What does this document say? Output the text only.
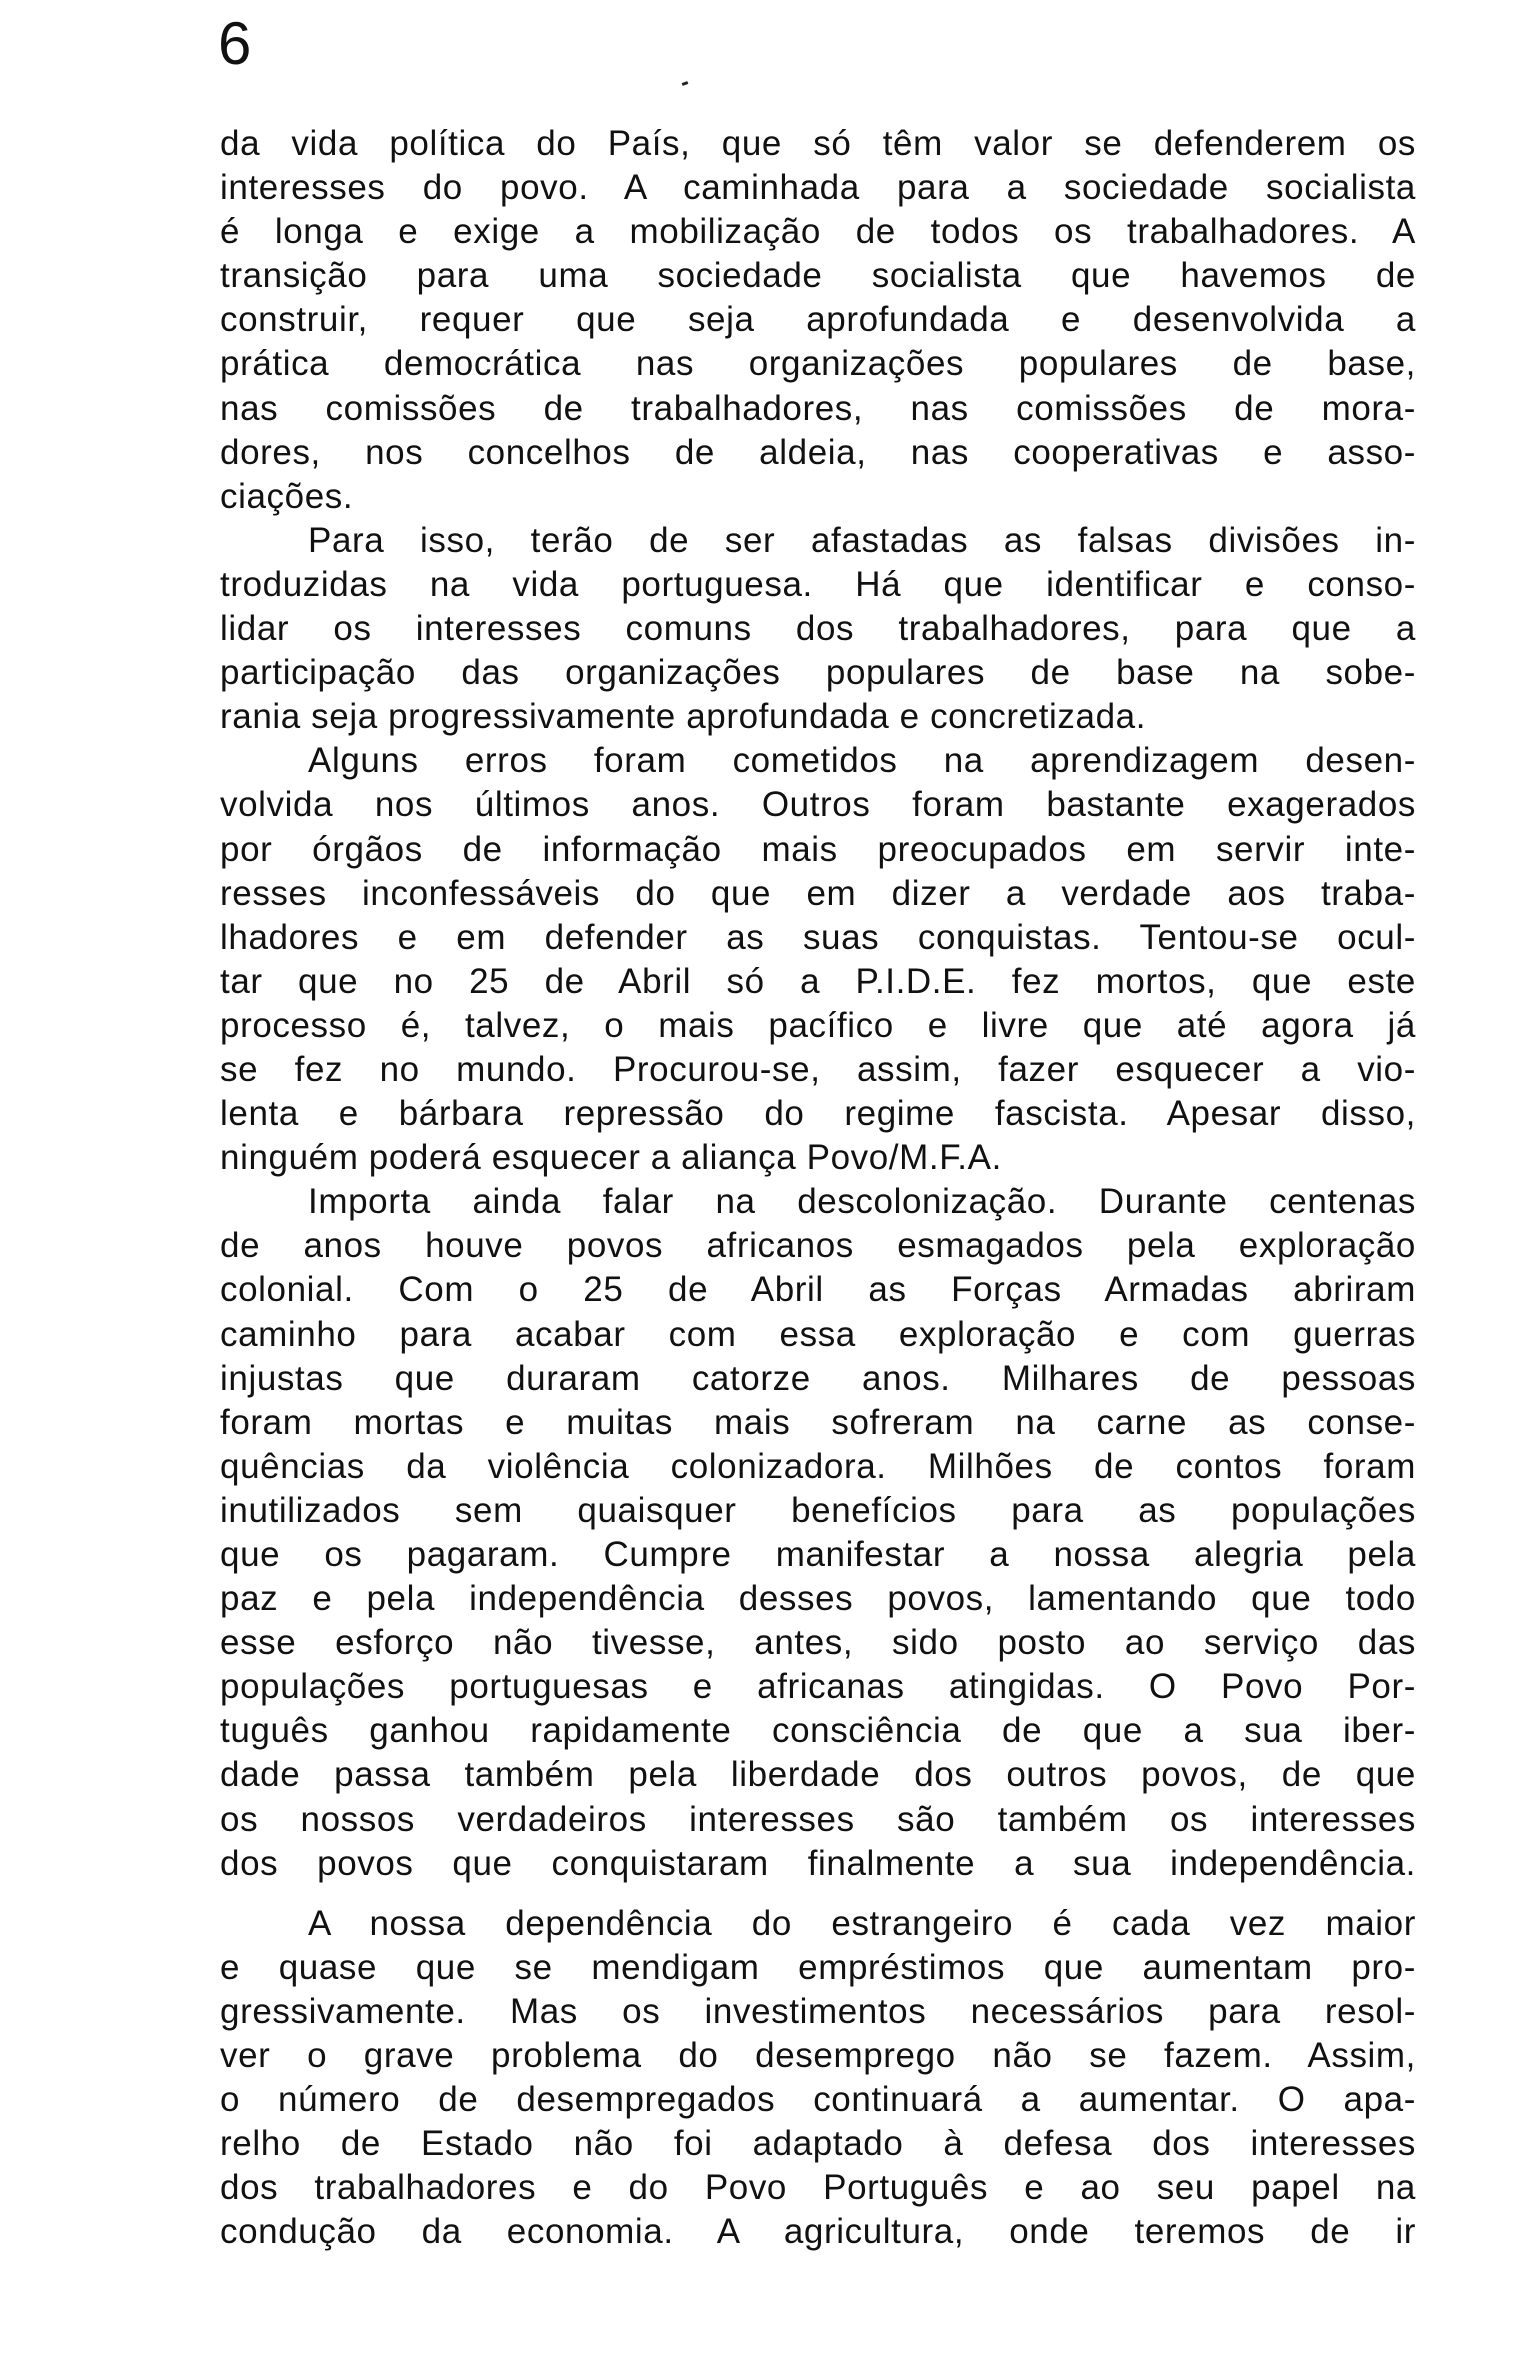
6

da vida política do País, que só têm valor se defenderem os
interesses do povo. A caminhada para a sociedade socialista
é longa e exige a mobilização de todos os trabalhadores. A
transição para uma sociedade socialista que havemos de
construir, requer que seja aprofundada e desenvolvida a
prática democrática nas organizações populares de base,
nas comissões de trabalhadores, nas comissões de mora-
dores, nos concelhos de aldeia, nas cooperativas e asso-
ciações.

Para isso, terão de ser afastadas as falsas divisões in-
troduzidas na vida portuguesa. Há que identificar e conso-
lidar os interesses comuns dos trabalhadores, para que a
participação das organizações populares de base na sobe-
rania seja progressivamente aprofundada e concretizada.

Alguns erros foram cometidos na aprendizagem desen-
volvida nos últimos anos. Outros foram bastante exagerados
por órgãos de informação mais preocupados em servir inte-
resses inconfessáveis do que em dizer a verdade aos traba-
lhadores e em defender as suas conquistas. Tentou-se ocul-
tar que no 25 de Abril só a P.I.D.E. fez mortos, que este
processo é, talvez, o mais pacífico e livre que até agora já
se fez no mundo. Procurou-se, assim, fazer esquecer a vio-
lenta e bárbara repressão do regime fascista. Apesar disso,
ninguém poderá esquecer a aliança Povo/M.F.A.

Importa ainda falar na descolonização. Durante centenas
de anos houve povos africanos esmagados pela exploração
colonial. Com o 25 de Abril as Forças Armadas abriram
caminho para acabar com essa exploração e com guerras
injustas que duraram catorze anos. Milhares de pessoas
foram mortas e muitas mais sofreram na carne as conse-
quências da violência colonizadora. Milhões de contos foram
inutilizados sem quaisquer benefícios para as populações
que os pagaram. Cumpre manifestar a nossa alegria pela
paz e pela independência desses povos, lamentando que todo
esse esforço não tivesse, antes, sido posto ao serviço das
populações portuguesas e africanas atingidas. O Povo Por-
tuguês ganhou rapidamente consciência de que a sua iber-
dade passa também pela liberdade dos outros povos, de que
os nossos verdadeiros interesses são também os interesses
dos povos que conquistaram finalmente a sua independência.

A nossa dependência do estrangeiro é cada vez maior
e quase que se mendigam empréstimos que aumentam pro-
gressivamente. Mas os investimentos necessários para resol-
ver o grave problema do desemprego não se fazem. Assim,
o número de desempregados continuará a aumentar. O apa-
relho de Estado não foi adaptado à defesa dos interesses
dos trabalhadores e do Povo Português e ao seu papel na
condução da economia. A agricultura, onde teremos de ir
